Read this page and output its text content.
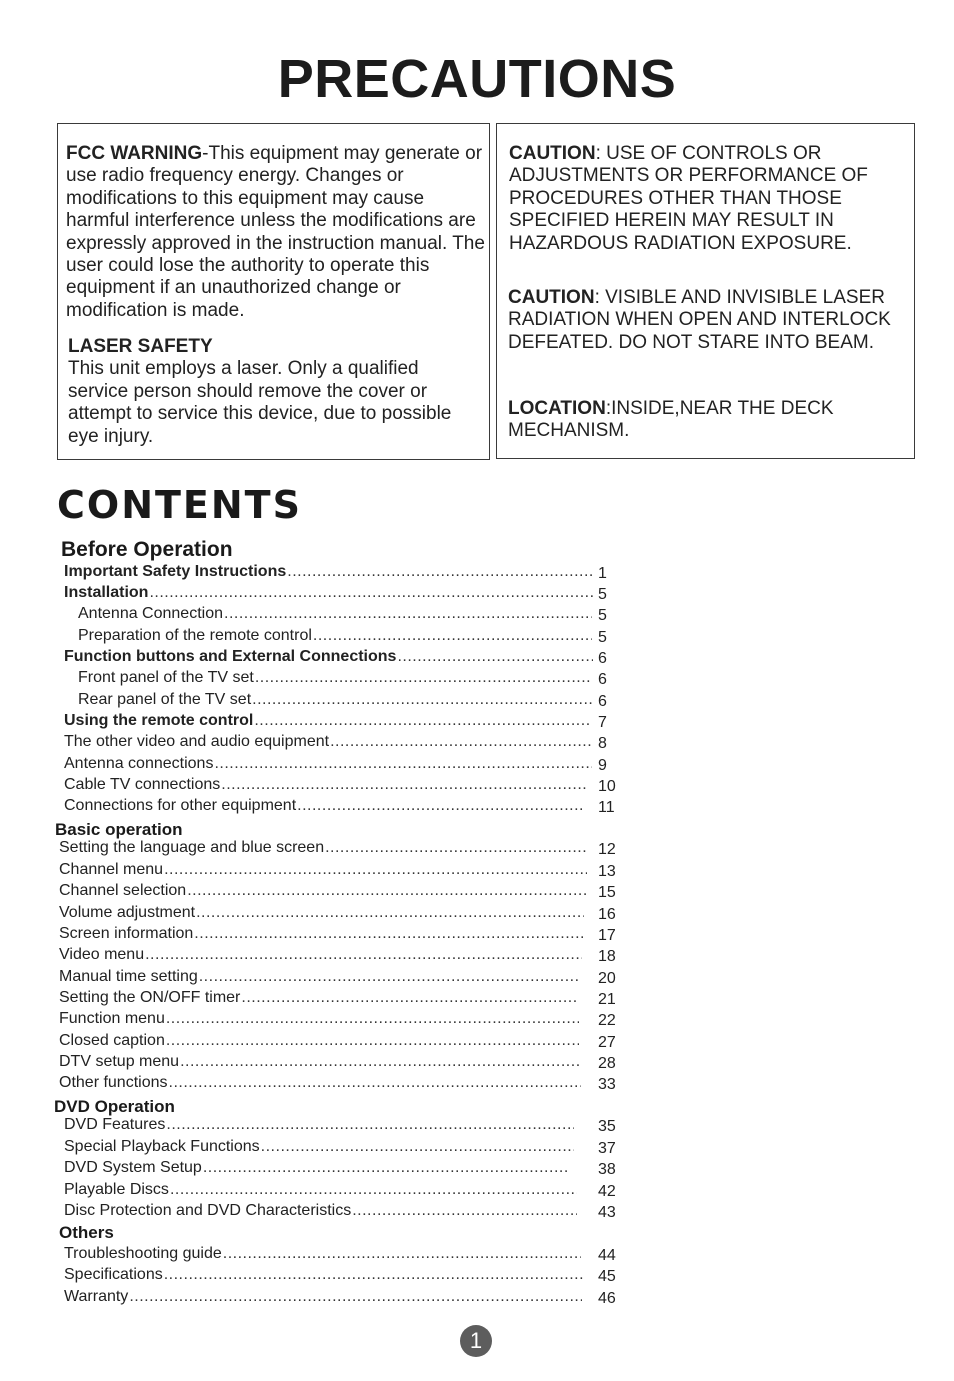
PRECAUTIONS

FCC WARNING-This equipment may generate or use radio frequency energy. Changes or modifications to this equipment may cause harmful interference unless the modifications are expressly approved in the instruction manual. The user could lose the authority to operate this equipment if an unauthorized change or modification is made.

LASER SAFETY
This unit employs a laser. Only a qualified service person should remove the cover or attempt to service this device, due to possible eye injury.

CAUTION: USE OF CONTROLS OR ADJUSTMENTS OR PERFORMANCE OF PROCEDURES OTHER THAN THOSE SPECIFIED HEREIN MAY RESULT IN HAZARDOUS RADIATION EXPOSURE.

CAUTION: VISIBLE AND INVISIBLE LASER RADIATION WHEN OPEN AND INTERLOCK DEFEATED. DO NOT STARE INTO BEAM.

LOCATION:INSIDE,NEAR THE DECK MECHANISM.

CONTENTS
Before Operation
Basic operation
DVD Operation
Others
Important Safety Instructions .....	1
Installation .....	5
Antenna Connection .....	5
Preparation of the remote control .....	5
Function buttons and External Connections .....	6
Front panel of the TV set .....	6
Rear panel of the TV set .....	6
Using the remote control .....	7
The other video and audio equipment .....	8
Antenna connections .....	9
Cable TV connections .....	10
Connections for other equipment .....	11
Setting the language and blue screen .....	12
Channel menu .....	13
Channel selection .....	15
Volume adjustment .....	16
Screen information .....	17
Video menu .....	18
Manual time setting .....	20
Setting the ON/OFF timer .....	21
Function menu .....	22
Closed caption .....	27
DTV setup menu .....	28
Other functions .....	33
DVD Features .....	35
Special Playback Functions .....	37
DVD System Setup .....	38
Playable Discs .....	42
Disc Protection and DVD Characteristics .....	43
Troubleshooting guide .....	44
Specifications .....	45
Warranty .....	46
1
